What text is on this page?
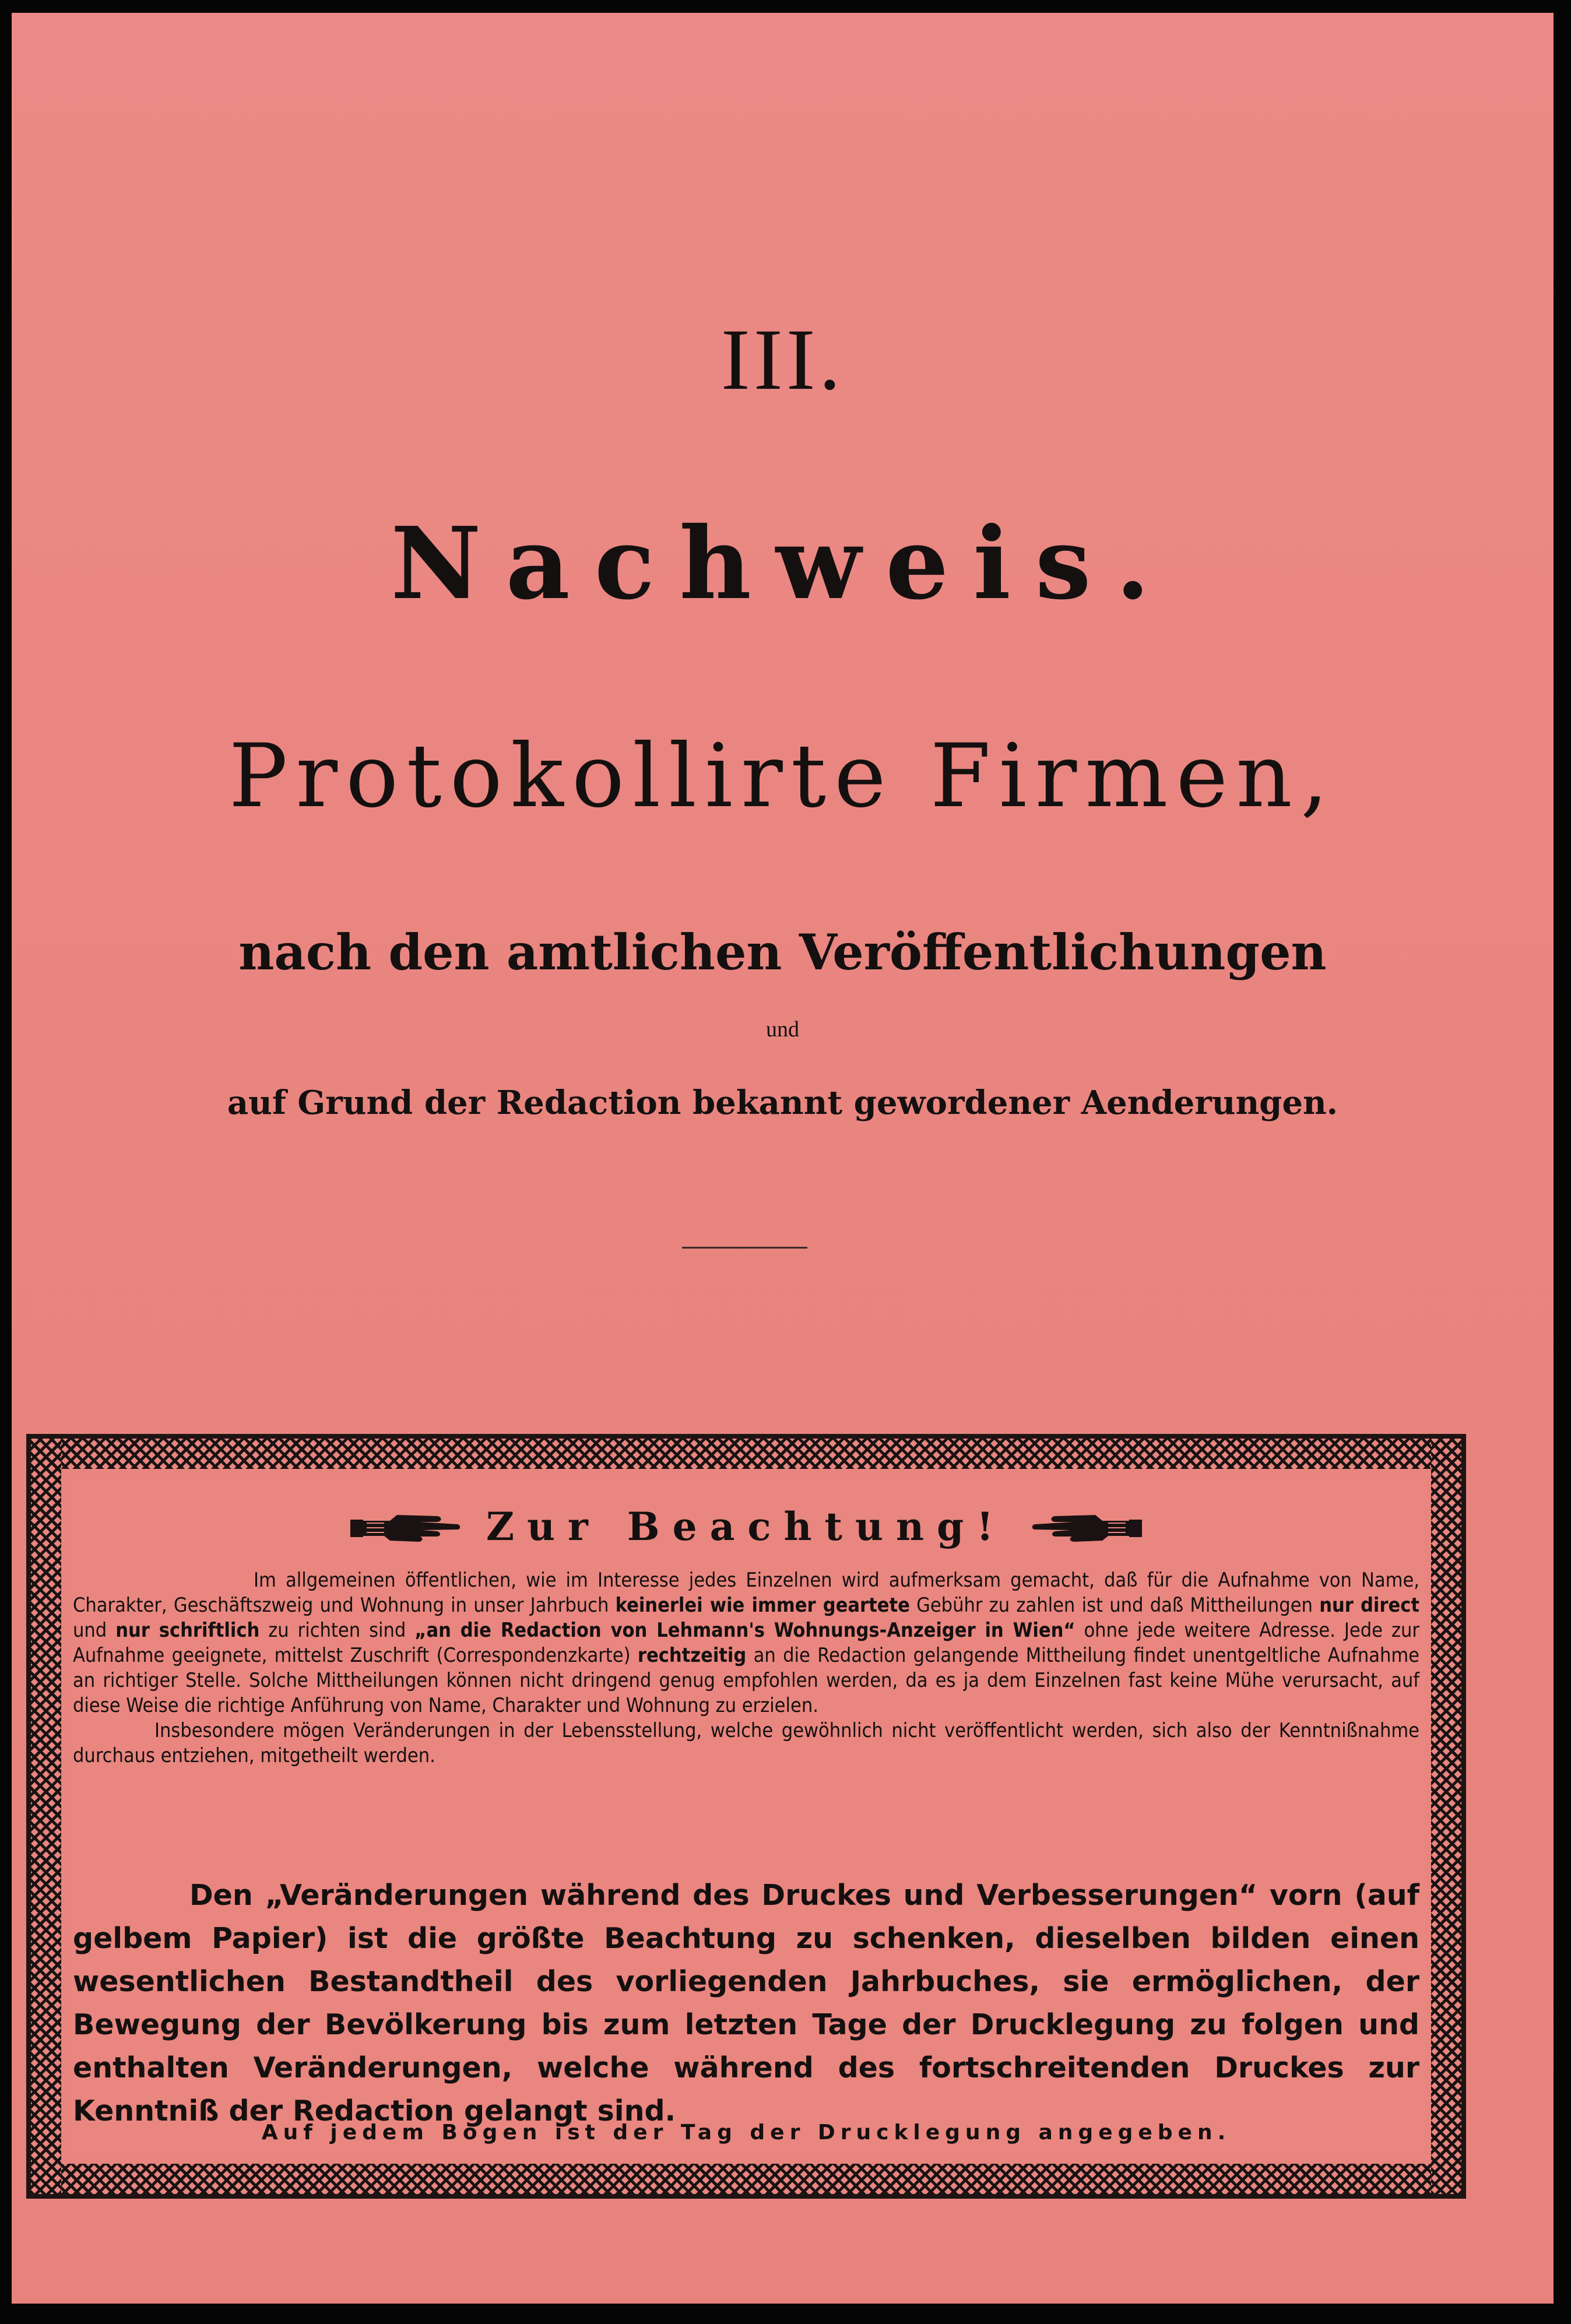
III.
Nachweis.
Protokollirte Firmen,
nach den amtlichen Veröffentlichungen
und
auf Grund der Redaction bekannt gewordener Aenderungen.
Zur Beachtung!

Im allgemeinen öffentlichen, wie im Interesse jedes Einzelnen wird aufmerksam gemacht, daß für die Aufnahme von Name, Charakter, Geschäftszweig und Wohnung in unser Jahrbuch keinerlei wie immer geartete Gebühr zu zahlen ist und daß Mittheilungen nur direct und nur schriftlich zu richten sind „an die Redaction von Lehmann's Wohnungs-Anzeiger in Wien“ ohne jede weitere Adresse. Jede zur Aufnahme geeignete, mittelst Zuschrift (Correspondenzkarte) rechtzeitig an die Redaction gelangende Mittheilung findet unentgeltliche Aufnahme an richtiger Stelle. Solche Mittheilungen können nicht dringend genug empfohlen werden, da es ja dem Einzelnen fast keine Mühe verursacht, auf diese Weise die richtige Anführung von Name, Charakter und Wohnung zu erzielen.

Insbesondere mögen Veränderungen in der Lebensstellung, welche gewöhnlich nicht veröffentlicht werden, sich also der Kenntnißnahme durchaus entziehen, mitgetheilt werden.

Den „Veränderungen während des Druckes und Verbesserungen“ vorn (auf gelbem Papier) ist die größte Beachtung zu schenken, dieselben bilden einen wesentlichen Bestandtheil des vorliegenden Jahrbuches, sie ermöglichen, der Bewegung der Bevölkerung bis zum letzten Tage der Drucklegung zu folgen und enthalten Veränderungen, welche während des fortschreitenden Druckes zur Kenntniß der Redaction gelangt sind.

Auf jedem Bogen ist der Tag der Drucklegung angegeben.
